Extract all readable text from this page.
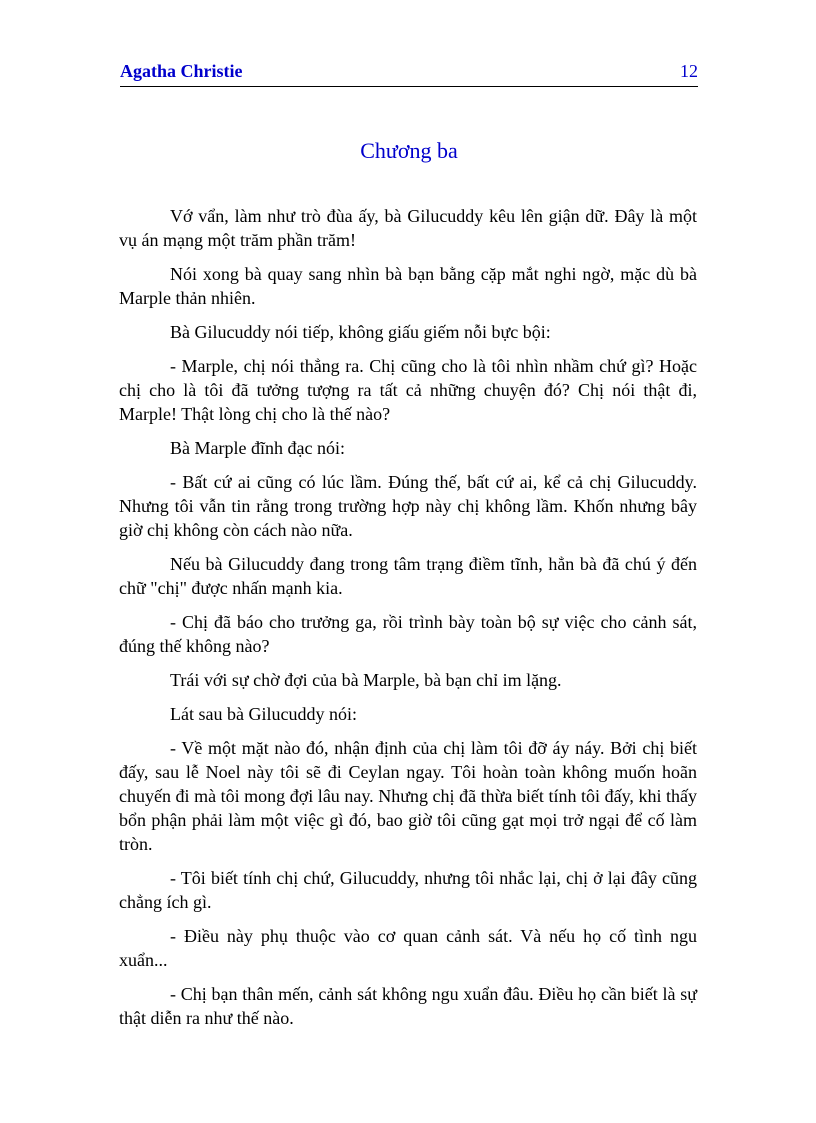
Agatha Christie	12
Chương ba

Vớ vẩn, làm như trò đùa ấy, bà Gilucuddy kêu lên giận dữ. Đây là một vụ án mạng một trăm phần trăm!

Nói xong bà quay sang nhìn bà bạn bằng cặp mắt nghi ngờ, mặc dù bà Marple thản nhiên.

Bà Gilucuddy nói tiếp, không giấu giếm nỗi bực bội:

- Marple, chị nói thẳng ra. Chị cũng cho là tôi nhìn nhầm chứ gì? Hoặc chị cho là tôi đã tưởng tượng ra tất cả những chuyện đó? Chị nói thật đi, Marple! Thật lòng chị cho là thế nào?

Bà Marple đĩnh đạc nói:

- Bất cứ ai cũng có lúc lầm. Đúng thế, bất cứ ai, kể cả chị Gilucuddy. Nhưng tôi vẫn tin rằng trong trường hợp này chị không lầm. Khốn nhưng bây giờ chị không còn cách nào nữa.

Nếu bà Gilucuddy đang trong tâm trạng điềm tĩnh, hẳn bà đã chú ý đến chữ "chị" được nhấn mạnh kia.

- Chị đã báo cho trưởng ga, rồi trình bày toàn bộ sự việc cho cảnh sát, đúng thế không nào?

Trái với sự chờ đợi của bà Marple, bà bạn chỉ im lặng.

Lát sau bà Gilucuddy nói:

- Về một mặt nào đó, nhận định của chị làm tôi đỡ áy náy. Bởi chị biết đấy, sau lễ Noel này tôi sẽ đi Ceylan ngay. Tôi hoàn toàn không muốn hoãn chuyến đi mà tôi mong đợi lâu nay. Nhưng chị đã thừa biết tính tôi đấy, khi thấy bổn phận phải làm một việc gì đó, bao giờ tôi cũng gạt mọi trở ngại để cố làm tròn.

- Tôi biết tính chị chứ, Gilucuddy, nhưng tôi nhắc lại, chị ở lại đây cũng chẳng ích gì.

- Điều này phụ thuộc vào cơ quan cảnh sát. Và nếu họ cố tình ngu xuẩn...

- Chị bạn thân mến, cảnh sát không ngu xuẩn đâu. Điều họ cần biết là sự thật diễn ra như thế nào.
